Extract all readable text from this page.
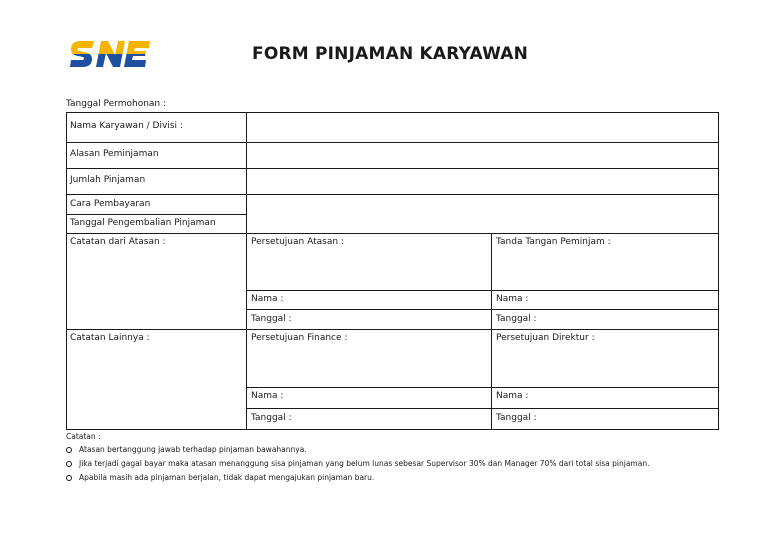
FORM PINJAMAN KARYAWAN
Tanggal Permohonan :
Nama Karyawan / Divisi :
Alasan Peminjaman
Jumlah Pinjaman
Cara Pembayaran
Tanggal Pengembalian Pinjaman
Catatan dari Atasan :	Persetujuan Atasan :	Tanda Tangan Peminjam :
Nama :	Nama :
Tanggal :	Tanggal :
Catatan Lainnya :	Persetujuan Finance :	Persetujuan Direktur :
Nama :	Nama :
Tanggal :	Tanggal :
Catatan :
Atasan bertanggung jawab terhadap pinjaman bawahannya.
Jika terjadi gagal bayar maka atasan menanggung sisa pinjaman yang belum lunas sebesar Supervisor 30% dan Manager 70% dari total sisa pinjaman.
Apabila masih ada pinjaman berjalan, tidak dapat mengajukan pinjaman baru.
